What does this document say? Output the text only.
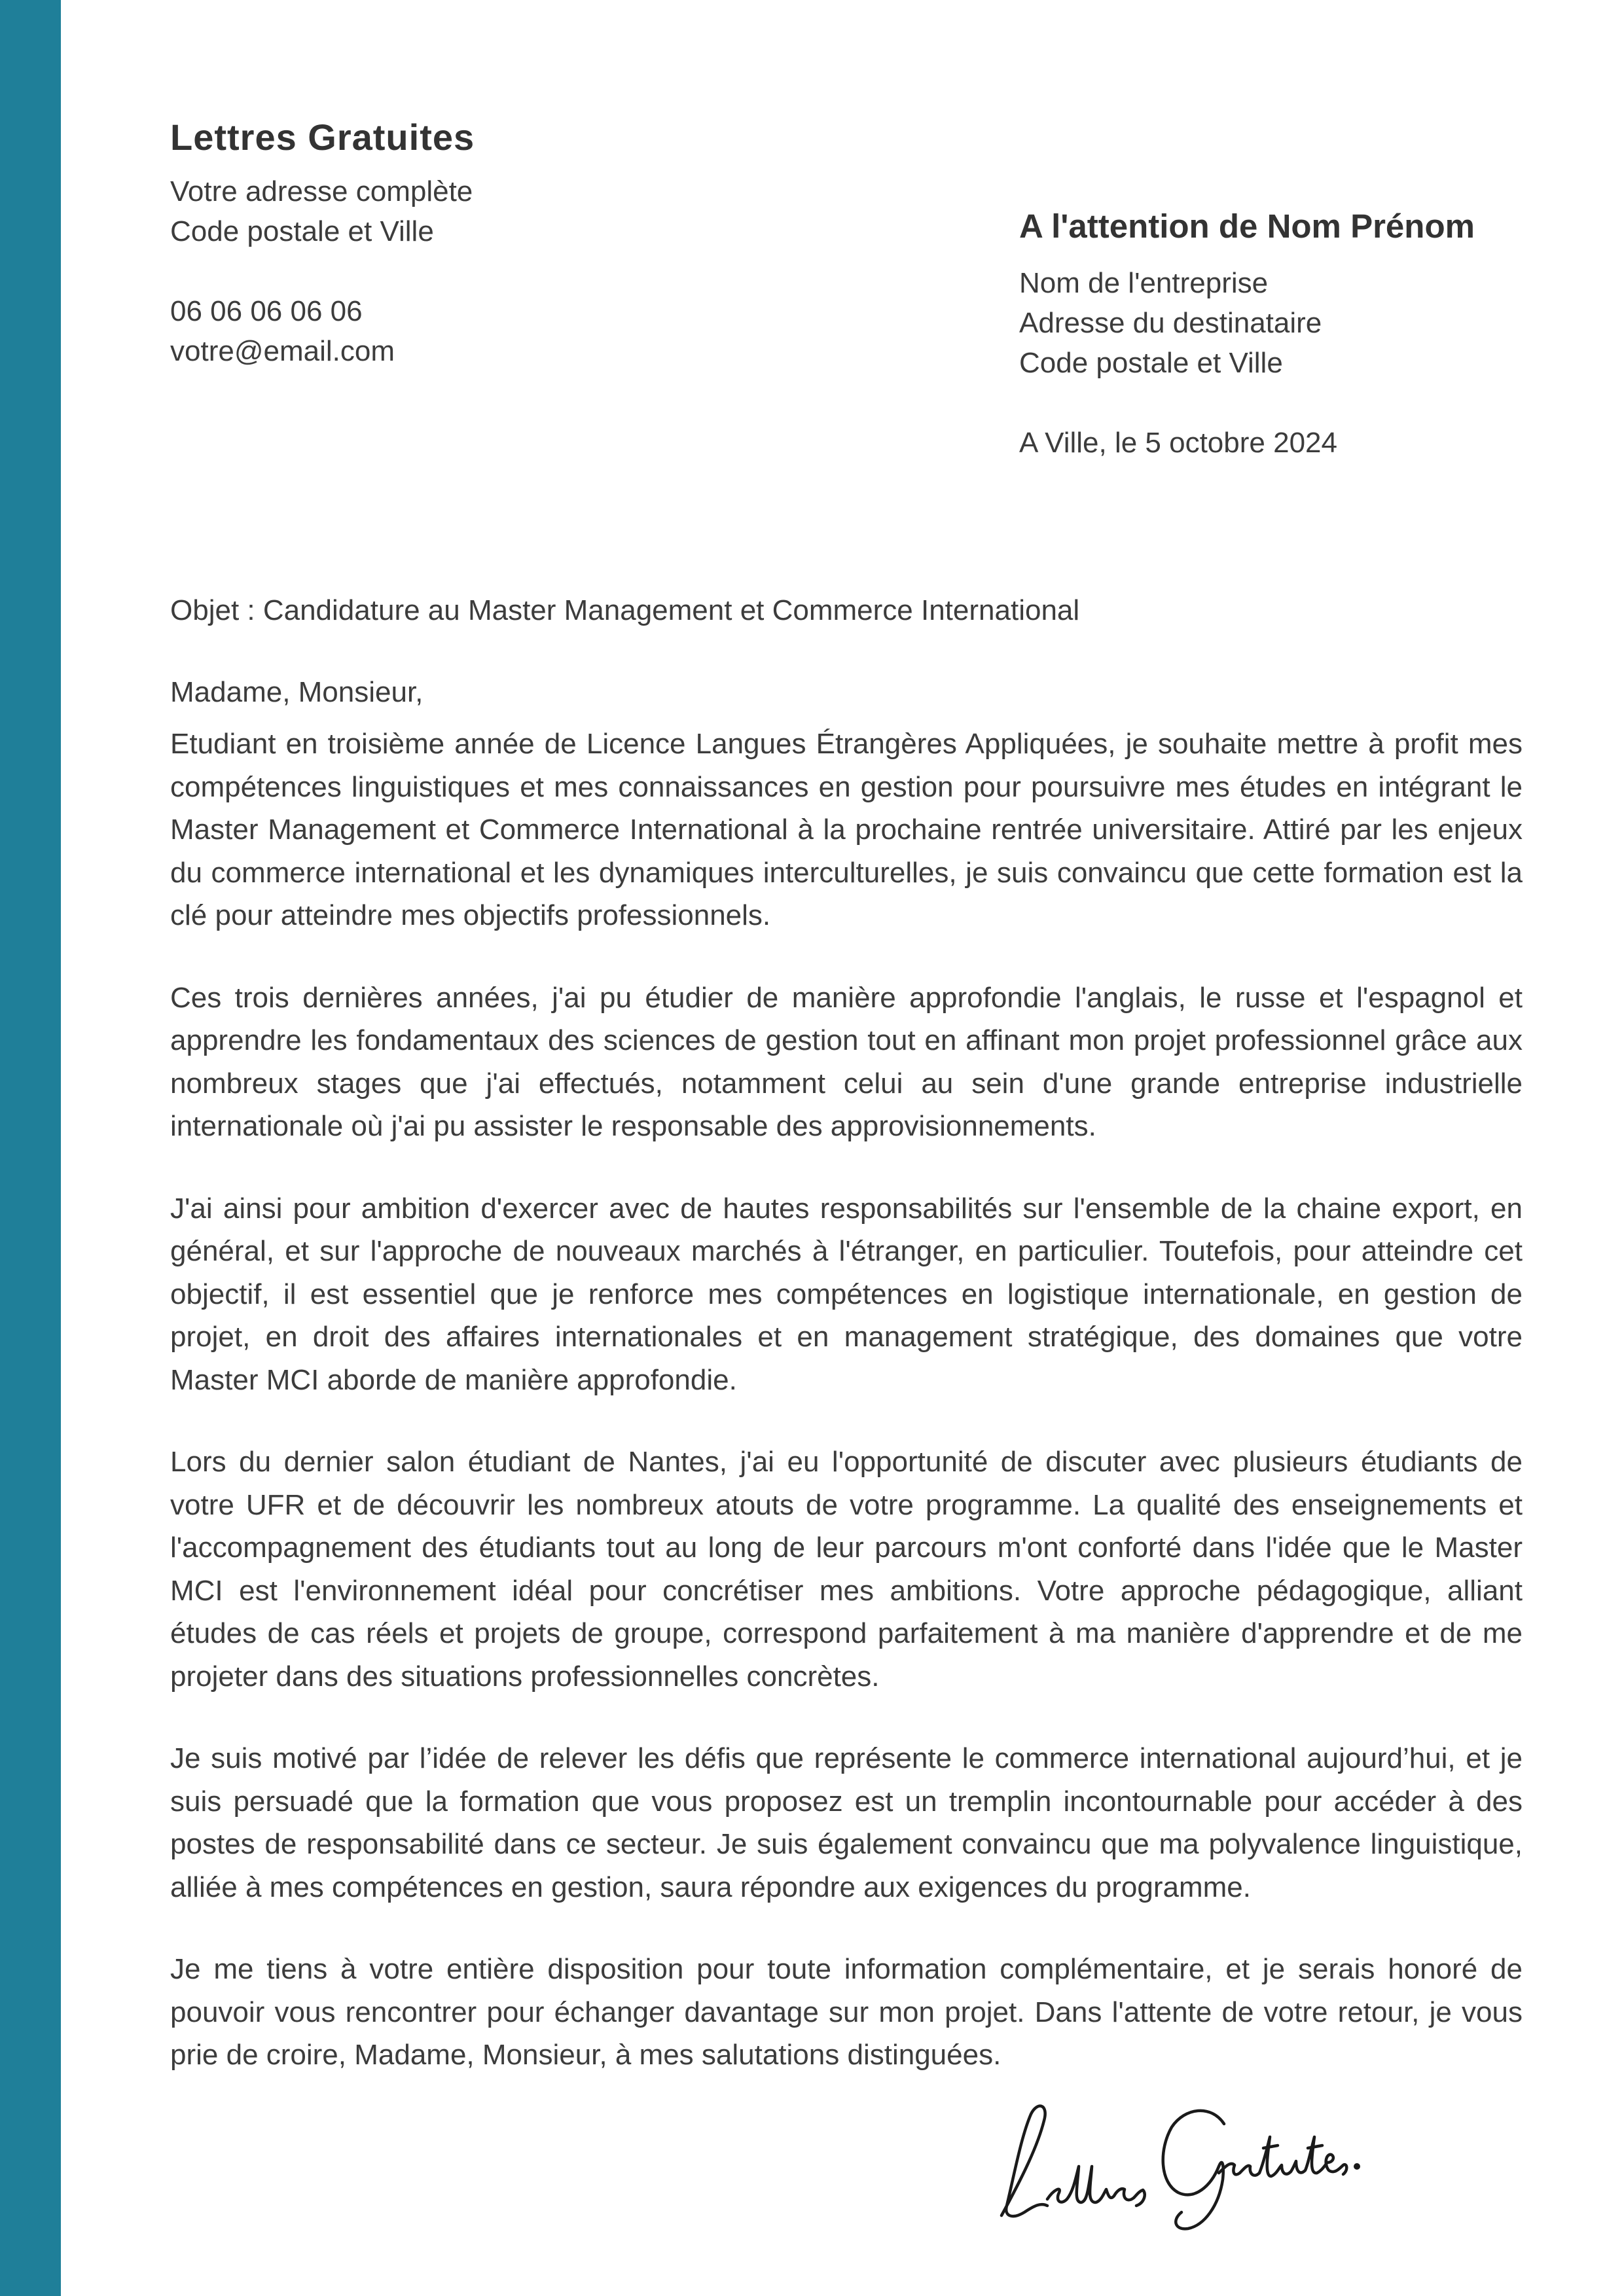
Lettres Gratuites

Votre adresse complète

Code postale et Ville

06 06 06 06 06

votre@email.com

A l'attention de Nom Prénom

Nom de l'entreprise

Adresse du destinataire

Code postale et Ville

A Ville, le 5 octobre 2024

Objet : Candidature au Master Management et Commerce International

Madame, Monsieur,

Etudiant en troisième année de Licence Langues Étrangères Appliquées, je souhaite mettre à profit mes compétences linguistiques et mes connaissances en gestion pour poursuivre mes études en intégrant le Master Management et Commerce International à la prochaine rentrée universitaire. Attiré par les enjeux du commerce international et les dynamiques interculturelles, je suis convaincu que cette formation est la clé pour atteindre mes objectifs professionnels.

Ces trois dernières années, j'ai pu étudier de manière approfondie l'anglais, le russe et l'espagnol et apprendre les fondamentaux des sciences de gestion tout en affinant mon projet professionnel grâce aux nombreux stages que j'ai effectués, notamment celui au sein d'une grande entreprise industrielle internationale où j'ai pu assister le responsable des approvisionnements.

J'ai ainsi pour ambition d'exercer avec de hautes responsabilités sur l'ensemble de la chaine export, en général, et sur l'approche de nouveaux marchés à l'étranger, en particulier. Toutefois, pour atteindre cet objectif, il est essentiel que je renforce mes compétences en logistique internationale, en gestion de projet, en droit des affaires internationales et en management stratégique, des domaines que votre Master MCI aborde de manière approfondie.

Lors du dernier salon étudiant de Nantes, j'ai eu l'opportunité de discuter avec plusieurs étudiants de votre UFR et de découvrir les nombreux atouts de votre programme. La qualité des enseignements et l'accompagnement des étudiants tout au long de leur parcours m'ont conforté dans l'idée que le Master MCI est l'environnement idéal pour concrétiser mes ambitions. Votre approche pédagogique, alliant études de cas réels et projets de groupe, correspond parfaitement à ma manière d'apprendre et de me projeter dans des situations professionnelles concrètes.

Je suis motivé par l’idée de relever les défis que représente le commerce international aujourd’hui, et je suis persuadé que la formation que vous proposez est un tremplin incontournable pour accéder à des postes de responsabilité dans ce secteur. Je suis également convaincu que ma polyvalence linguistique, alliée à mes compétences en gestion, saura répondre aux exigences du programme.

Je me tiens à votre entière disposition pour toute information complémentaire, et je serais honoré de pouvoir vous rencontrer pour échanger davantage sur mon projet. Dans l'attente de votre retour, je vous prie de croire, Madame, Monsieur, à mes salutations distinguées.
